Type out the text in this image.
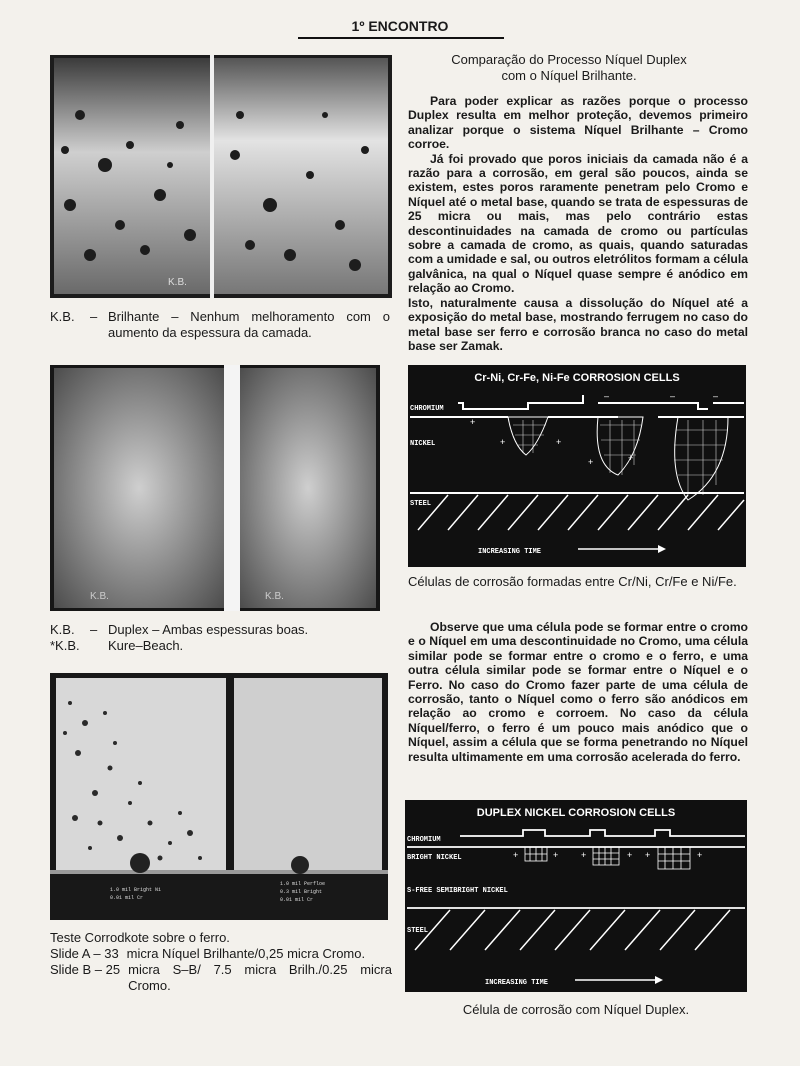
1º ENCONTRO
K.B.
K.B. – Brilhante – Nenhum melhoramento com o aumento da espessura da camada.
K.B.	K.B.
K.B. – Duplex – Ambas espessuras boas.
*K.B. Kure–Beach.
1.0 mil Bright Ni
0.01 mil Cr
1.0 mil Perfloe
0.3 mil Bright
0.01 mil Cr
Teste Corrodkote sobre o ferro.
Slide A – 33 micra Níquel Brilhante/0,25 micra Cromo.
Slide B – 25 micra S–B/ 7.5 micra Brilh./0.25 micra Cromo.
Comparação do Processo Níquel Duplex
com o Níquel Brilhante.

Para poder explicar as razões porque o processo Duplex resulta em melhor proteção, devemos primeiro analizar porque o sistema Níquel Brilhante – Cromo corroe.

Já foi provado que poros iniciais da camada não é a razão para a corrosão, em geral são poucos, ainda se existem, estes poros raramente penetram pelo Cromo e Níquel até o metal base, quando se trata de espessuras de 25 micra ou mais, mas pelo contrário estas descontinuidades na camada de cromo ou partículas sobre a camada de cromo, as quais, quando saturadas com a umidade e sal, ou outros eletrólitos formam a célula galvânica, na qual o Níquel quase sempre é anódico em relação ao Cromo.

Isto, naturalmente causa a dissolução do Níquel até a exposição do metal base, mostrando ferrugem no caso do metal base ser ferro e corrosão branca no caso do metal base ser Zamak.

Cr-Ni, Cr-Fe, Ni-Fe CORROSION CELLS
CHROMIUM
NICKEL
STEEL
INCREASING TIME
+
+	+
+	+
–	–	–
Células de corrosão formadas entre Cr/Ni, Cr/Fe e Ni/Fe.

Observe que uma célula pode se formar entre o cromo e o Níquel em uma descontinuidade no Cromo, uma célula similar pode se formar entre o cromo e o ferro, e uma outra célula similar pode se formar entre o Níquel e o Ferro. No caso do Cromo fazer parte de uma célula de corrosão, tanto o Níquel como o ferro são anódicos em relação ao cromo e corroem. No caso da célula Níquel/ferro, o ferro é um pouco mais anódico que o Níquel, assim a célula que se forma penetrando no Níquel resulta ultimamente em uma corrosão acelerada do ferro.

DUPLEX NICKEL CORROSION CELLS
CHROMIUM
BRIGHT NICKEL
S-FREE SEMIBRIGHT NICKEL
STEEL
INCREASING TIME
+	+	+	+ +	+
Célula de corrosão com Níquel Duplex.
